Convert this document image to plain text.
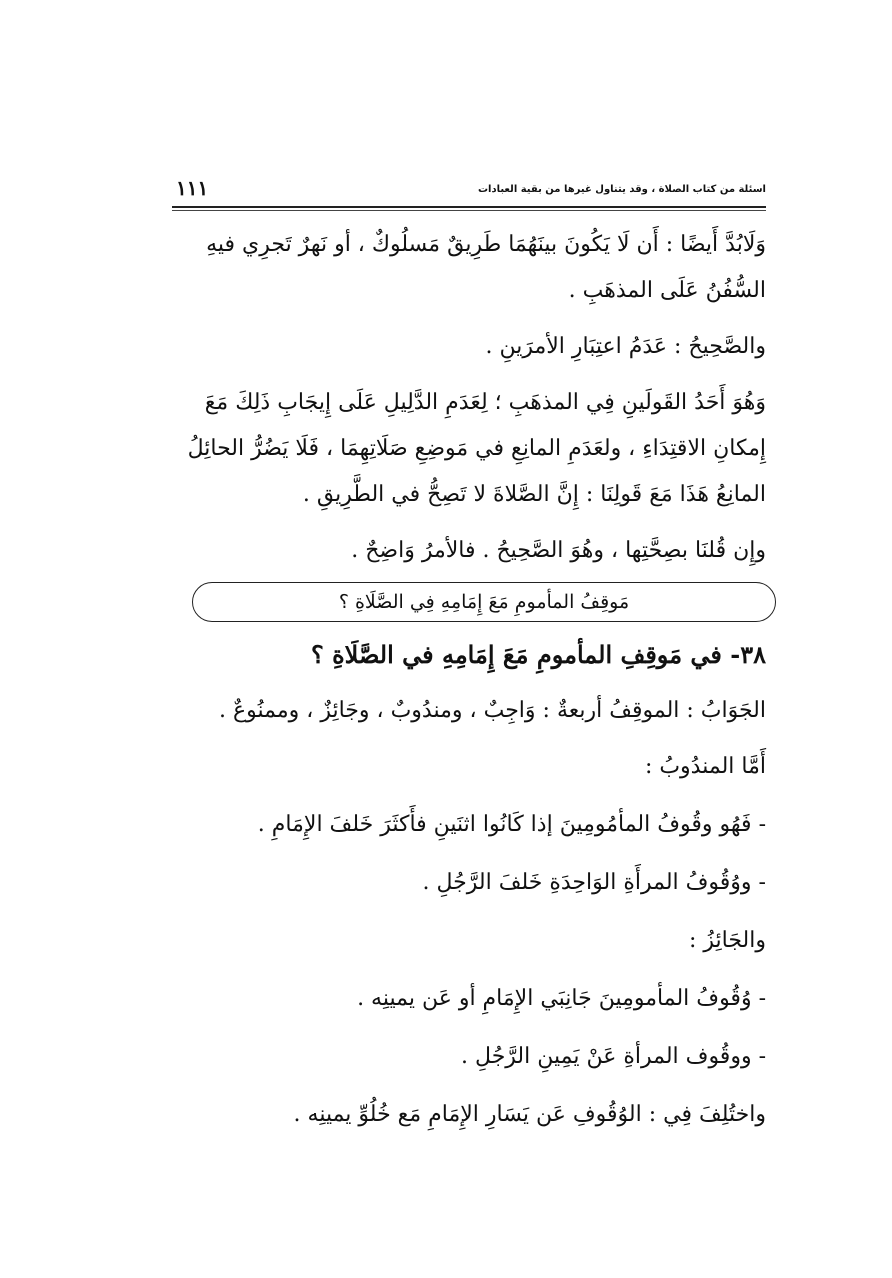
اسئلة من كتاب الصلاة ، وقد يتناول غيرها من بقية العبادات
١١١

وَلَابُدَّ أَيضًا : أَن لَا يَكُونَ بينَهُمَا طَرِيقٌ مَسلُوكٌ ، أو نَهرٌ تَجرِي فيهِ السُّفُنُ عَلَى المذهَبِ .

والصَّحِيحُ : عَدَمُ اعتِبَارِ الأمرَينِ .

وَهُوَ أَحَدُ القَولَينِ فِي المذهَبِ ؛ لِعَدَمِ الدَّلِيلِ عَلَى إِيجَابِ ذَلِكَ مَعَ إِمكانِ الاقتِدَاءِ ، ولعَدَمِ المانِعِ في مَوضِعِ صَلَاتِهِمَا ، فَلَا يَضُرُّ الحائِلُ المانِعُ هَذَا مَعَ قَولِنَا : إِنَّ الصَّلاةَ لا تَصِحُّ في الطَّرِيقِ .

وإِن قُلنَا بصِحَّتِها ، وهُوَ الصَّحِيحُ . فالأمرُ وَاضِحٌ .

مَوقِفُ المأمومِ مَعَ إِمَامِهِ فِي الصَّلَاةِ ؟

٣٨- في مَوقِفِ المأمومِ مَعَ إِمَامِهِ في الصَّلَاةِ ؟

الجَوَابُ : الموقِفُ أربعةٌ : وَاجِبٌ ، ومندُوبٌ ، وجَائِزٌ ، وممنُوعٌ .

أَمَّا المندُوبُ :

- فَهُو وقُوفُ المأمُومِينَ إذا كَانُوا اثنَينِ فأَكثَرَ خَلفَ الإِمَامِ .

- ووُقُوفُ المرأَةِ الوَاحِدَةِ خَلفَ الرَّجُلِ .

والجَائِزُ :

- وُقُوفُ المأمومِينَ جَانِبَي الإِمَامِ أو عَن يمينِه .

- ووقُوف المرأةِ عَنْ يَمِينِ الرَّجُلِ .

واختُلِفَ فِي : الوُقُوفِ عَن يَسَارِ الإِمَامِ مَع خُلُوِّ يمينِه .
